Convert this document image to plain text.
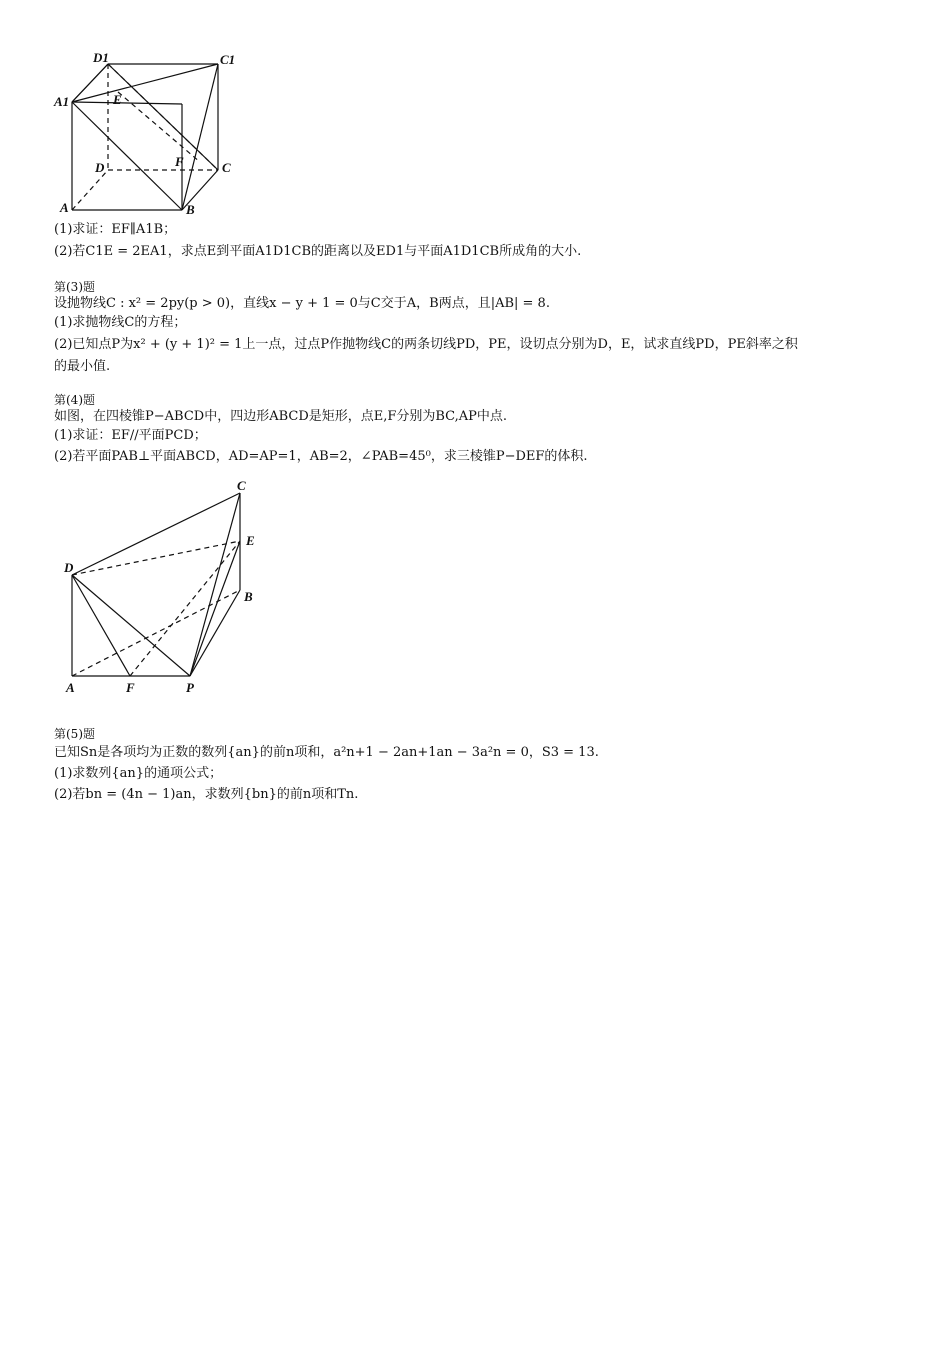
D1	C1
A1	E
D	F	C
A	B
(1)求证：EF∥A1B；
(2)若C1E = 2EA1，求点E到平面A1D1CB的距离以及ED1与平面A1D1CB所成角的大小.
第(3)题
设抛物线C : x² = 2py(p > 0)，直线x − y + 1 = 0与C交于A，B两点，且|AB| = 8.
(1)求抛物线C的方程；
(2)已知点P为x² + (y + 1)² = 1上一点，过点P作抛物线C的两条切线PD，PE，设切点分别为D，E，试求直线PD，PE斜率之积
的最小值.
第(4)题
如图，在四棱锥P−ABCD中，四边形ABCD是矩形，点E,F分别为BC,AP中点.
(1)求证：EF//平面PCD；
(2)若平面PAB⊥平面ABCD，AD=AP=1，AB=2，∠PAB=45⁰，求三棱锥P−DEF的体积.
C
E
D
B
A	F	P
第(5)题
已知Sn是各项均为正数的数列{an}的前n项和，a²n+1 − 2an+1an − 3a²n = 0，S3 = 13.
(1)求数列{an}的通项公式；
(2)若bn = (4n − 1)an，求数列{bn}的前n项和Tn.
